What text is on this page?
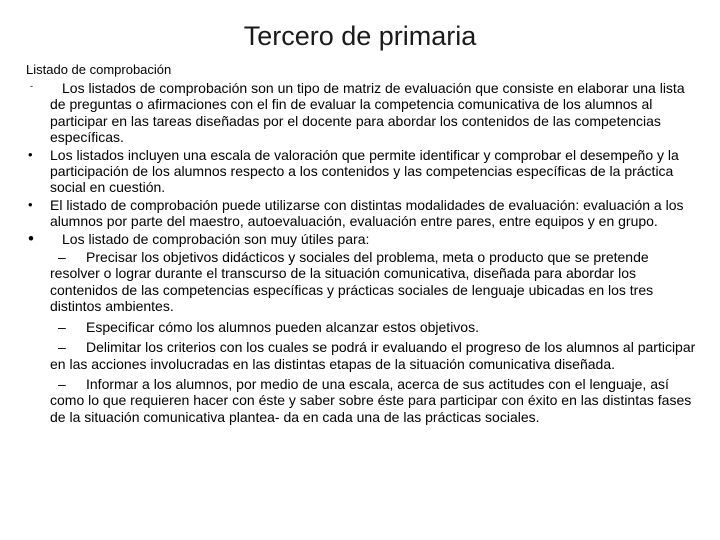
Tercero de primaria
Listado de comprobación
- Los listados de comprobación son un tipo de matriz de evaluación que consiste en elaborar una lista de preguntas o afirmaciones con el fin de evaluar la competencia comunicativa de los alumnos al participar en las tareas diseñadas por el docente para abordar los contenidos de las competencias específicas.
• Los listados incluyen una escala de valoración que permite identificar y comprobar el desempeño y la participación de los alumnos respecto a los contenidos y las competencias específicas de la práctica social en cuestión.
• El listado de comprobación puede utilizarse con distintas modalidades de evaluación: evaluación a los alumnos por parte del maestro, autoevaluación, evaluación entre pares, entre equipos y en grupo.
• Los listado de comprobación son muy útiles para:
– Precisar los objetivos didácticos y sociales del problema, meta o producto que se pretende resolver o lograr durante el transcurso de la situación comunicativa, diseñada para abordar los contenidos de las competencias específicas y prácticas sociales de lenguaje ubicadas en los tres distintos ambientes.
– Especificar cómo los alumnos pueden alcanzar estos objetivos.
– Delimitar los criterios con los cuales se podrá ir evaluando el progreso de los alumnos al participar en las acciones involucradas en las distintas etapas de la situación comunicativa diseñada.
– Informar a los alumnos, por medio de una escala, acerca de sus actitudes con el lenguaje, así como lo que requieren hacer con éste y saber sobre éste para participar con éxito en las distintas fases de la situación comunicativa plantea- da en cada una de las prácticas sociales.
